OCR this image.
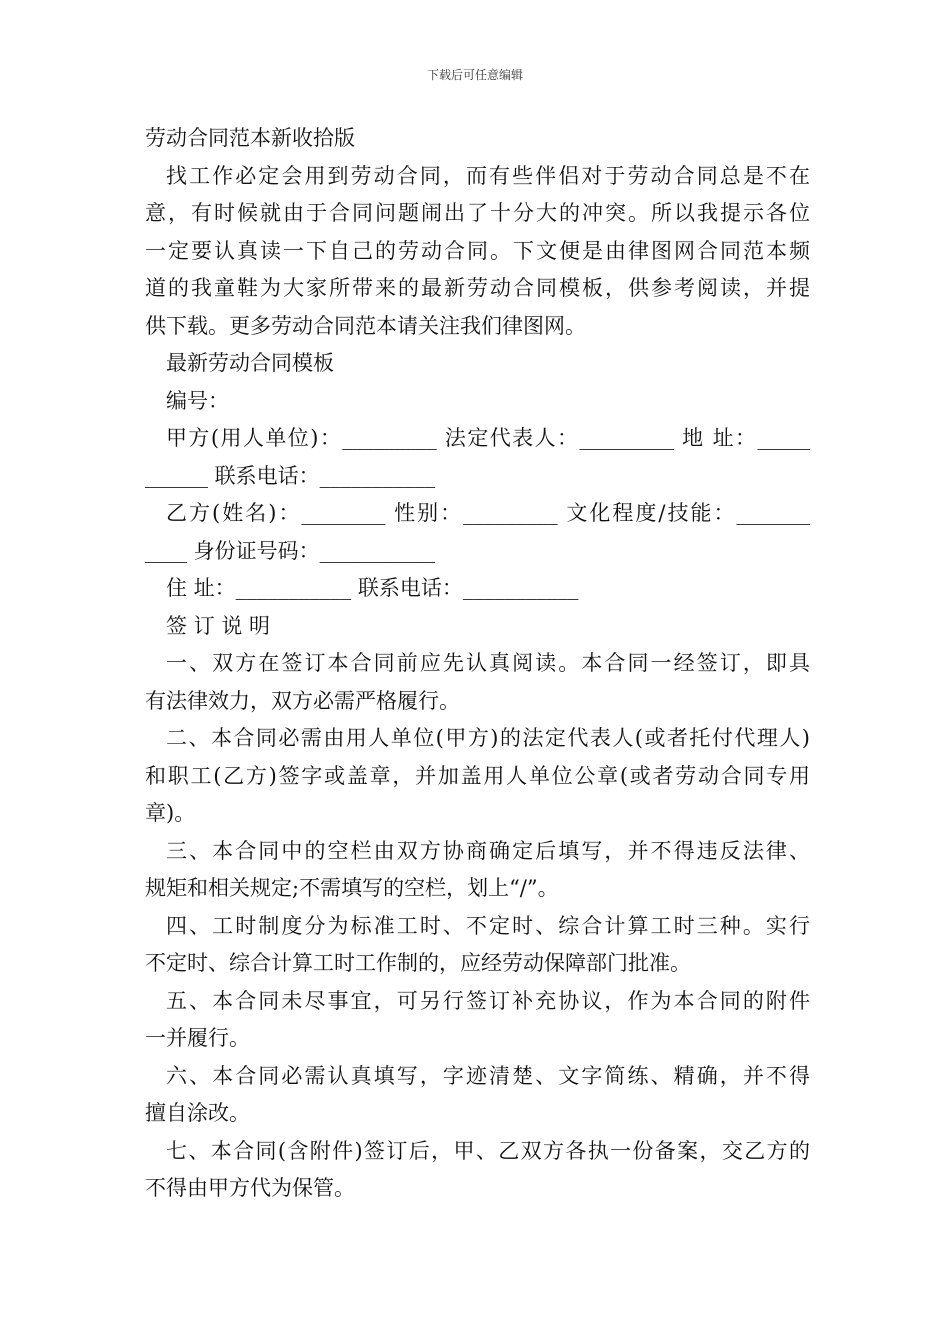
下载后可任意编辑
劳动合同范本新收拾版
找工作必定会用到劳动合同，而有些伴侣对于劳动合同总是不在
意，有时候就由于合同问题闹出了十分大的冲突。所以我提示各位
一定要认真读一下自己的劳动合同。下文便是由律图网合同范本频
道的我童鞋为大家所带来的最新劳动合同模板，供参考阅读，并提
供下载。更多劳动合同范本请关注我们律图网。
最新劳动合同模板
编号：
甲方(用人单位)：_________ 法定代表人：_________ 地 址：_____
______ 联系电话：___________
乙方(姓名)：________ 性别：_________ 文化程度/技能：_______
____ 身份证号码：___________
住 址：___________ 联系电话：___________
签 订 说 明
一、双方在签订本合同前应先认真阅读。本合同一经签订，即具
有法律效力，双方必需严格履行。
二、本合同必需由用人单位(甲方)的法定代表人(或者托付代理人)
和职工(乙方)签字或盖章，并加盖用人单位公章(或者劳动合同专用
章)。
三、本合同中的空栏由双方协商确定后填写，并不得违反法律、
规矩和相关规定;不需填写的空栏，划上“/”。
四、工时制度分为标准工时、不定时、综合计算工时三种。实行
不定时、综合计算工时工作制的，应经劳动保障部门批准。
五、本合同未尽事宜，可另行签订补充协议，作为本合同的附件
一并履行。
六、本合同必需认真填写，字迹清楚、文字简练、精确，并不得
擅自涂改。
七、本合同(含附件)签订后，甲、乙双方各执一份备案，交乙方的
不得由甲方代为保管。
